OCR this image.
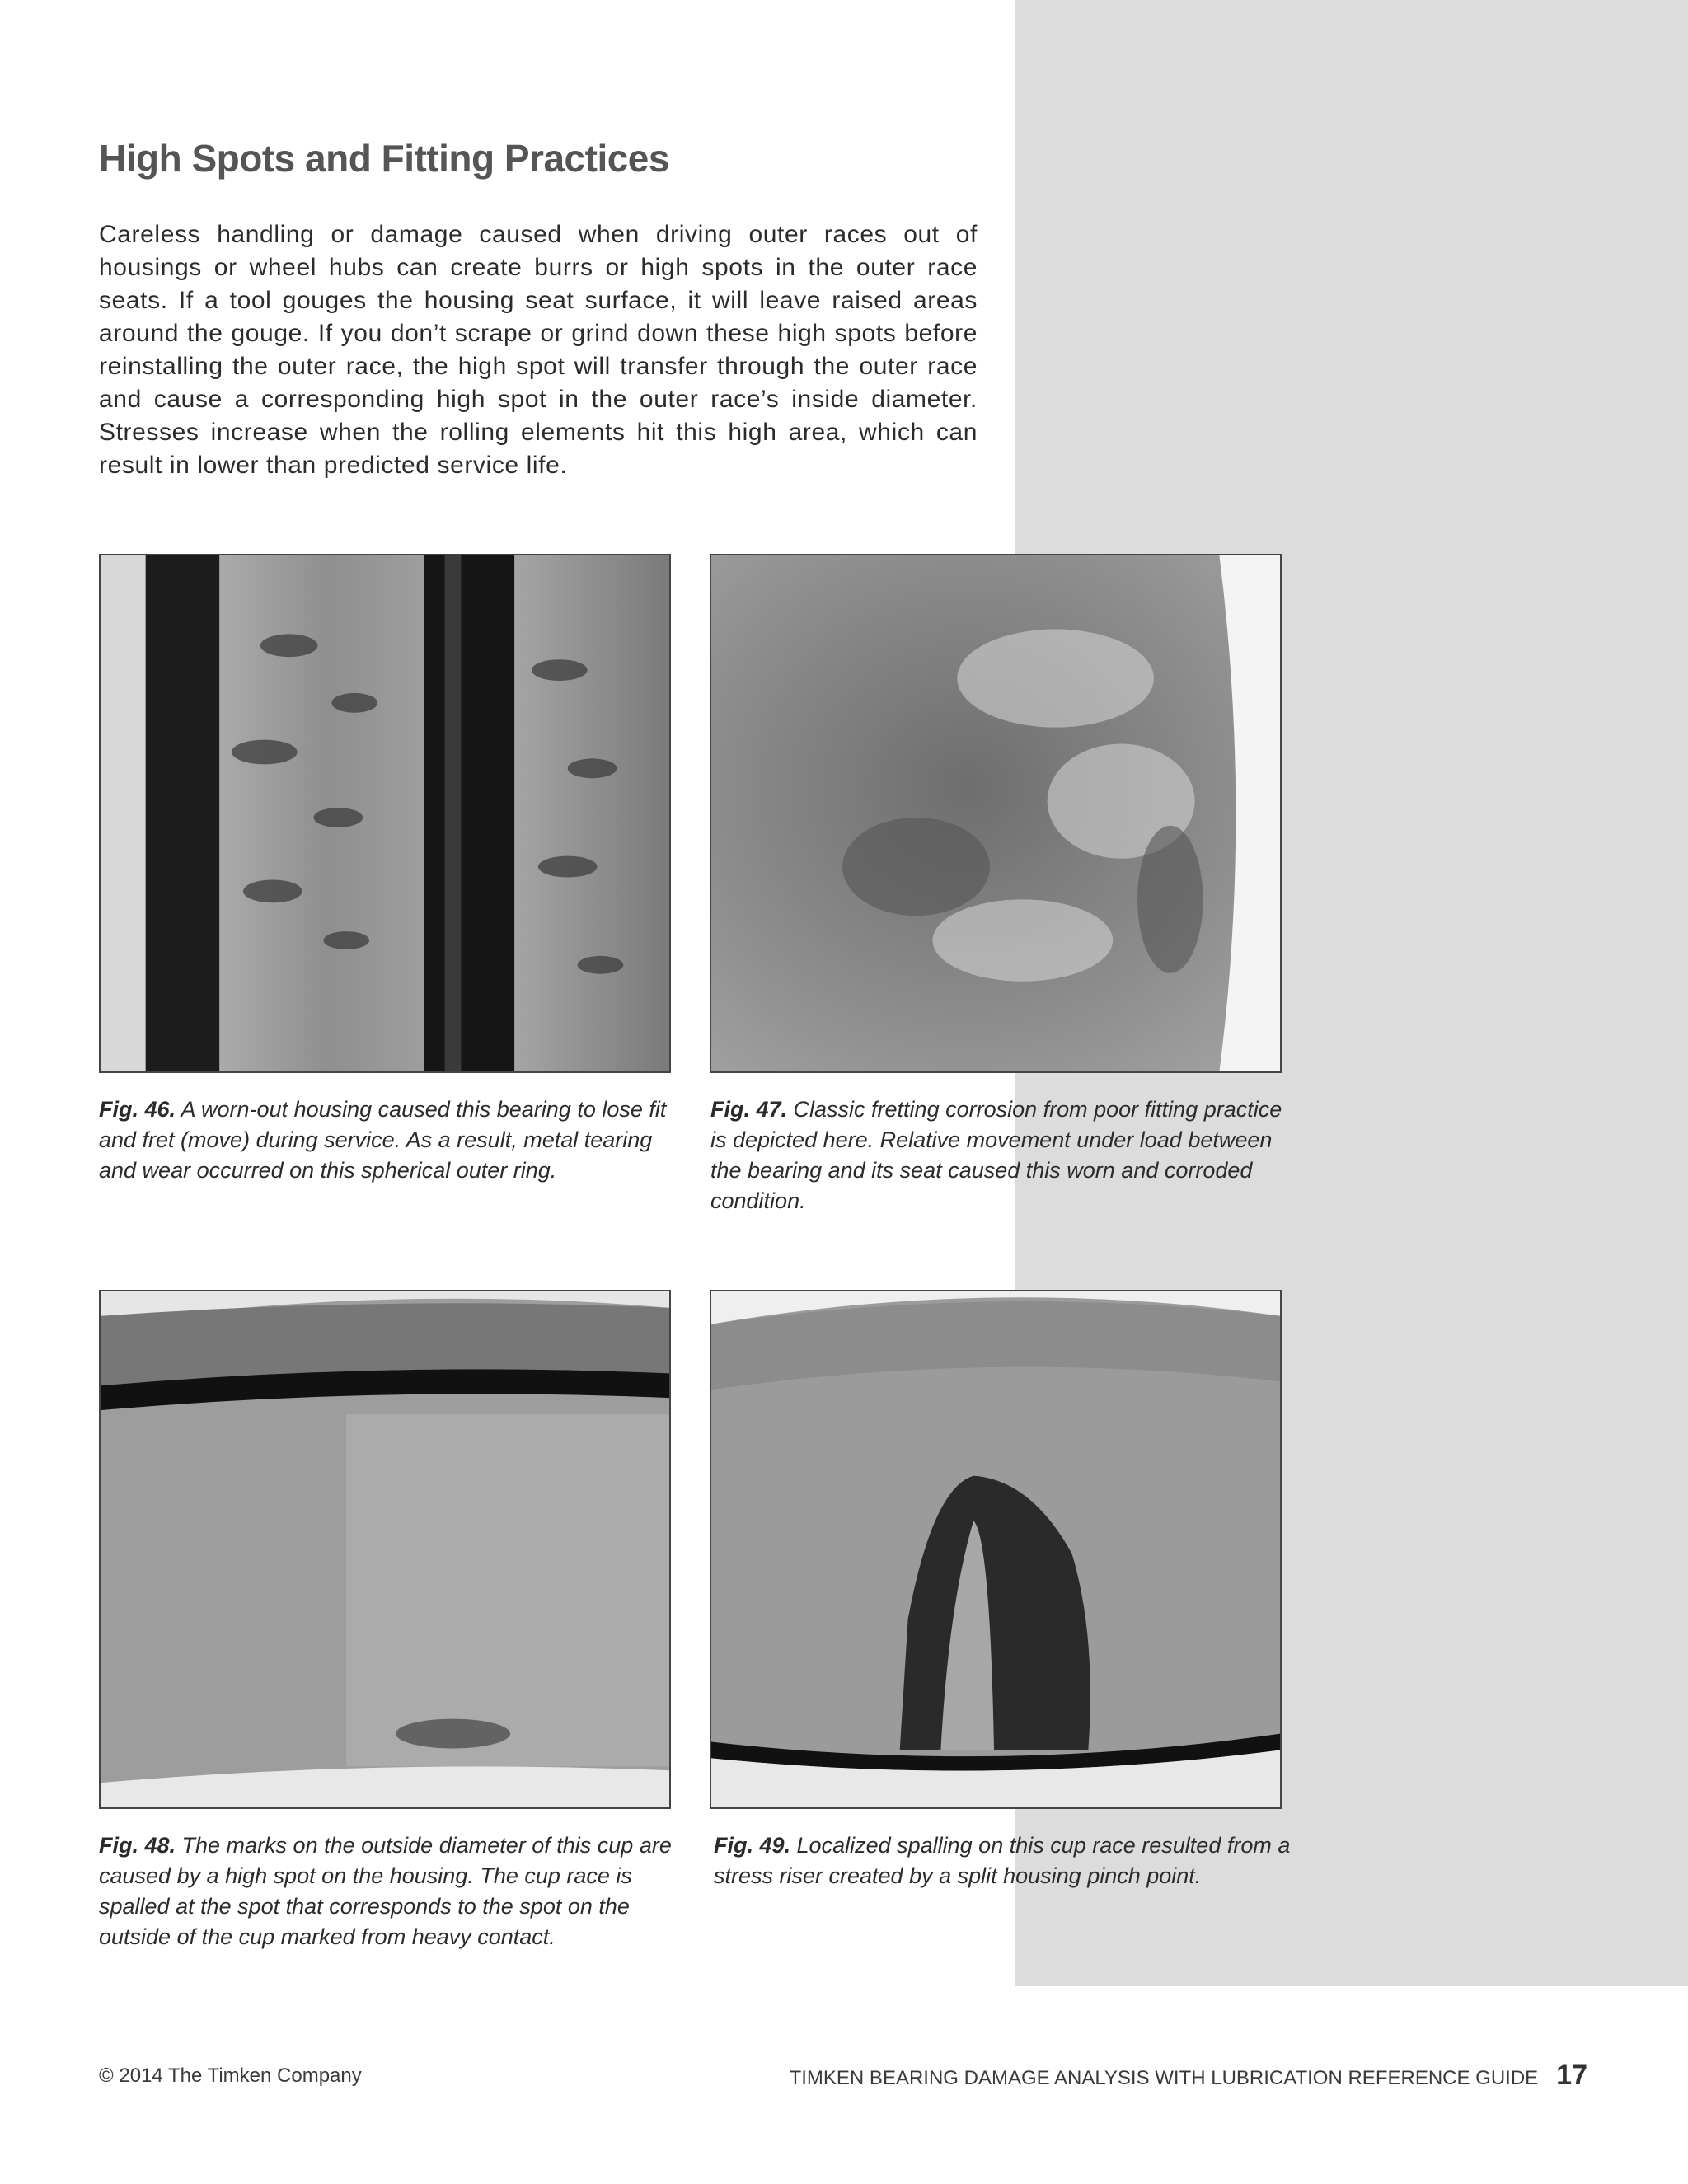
High Spots and Fitting Practices

Careless handling or damage caused when driving outer races out of housings or wheel hubs can create burrs or high spots in the outer race seats. If a tool gouges the housing seat surface, it will leave raised areas around the gouge. If you don’t scrape or grind down these high spots before reinstalling the outer race, the high spot will transfer through the outer race and cause a corresponding high spot in the outer race’s inside diameter. Stresses increase when the rolling elements hit this high area, which can result in lower than predicted service life.

Fig. 46. A worn-out housing caused this bearing to lose fit and fret (move) during service. As a result, metal tearing and wear occurred on this spherical outer ring.

Fig. 47. Classic fretting corrosion from poor fitting practice is depicted here. Relative movement under load between the bearing and its seat caused this worn and corroded condition.

Fig. 48. The marks on the outside diameter of this cup are caused by a high spot on the housing. The cup race is spalled at the spot that corresponds to the spot on the outside of the cup marked from heavy contact.

Fig. 49. Localized spalling on this cup race resulted from a stress riser created by a split housing pinch point.

© 2014 The Timken Company	TIMKEN BEARING DAMAGE ANALYSIS WITH LUBRICATION REFERENCE GUIDE 17
